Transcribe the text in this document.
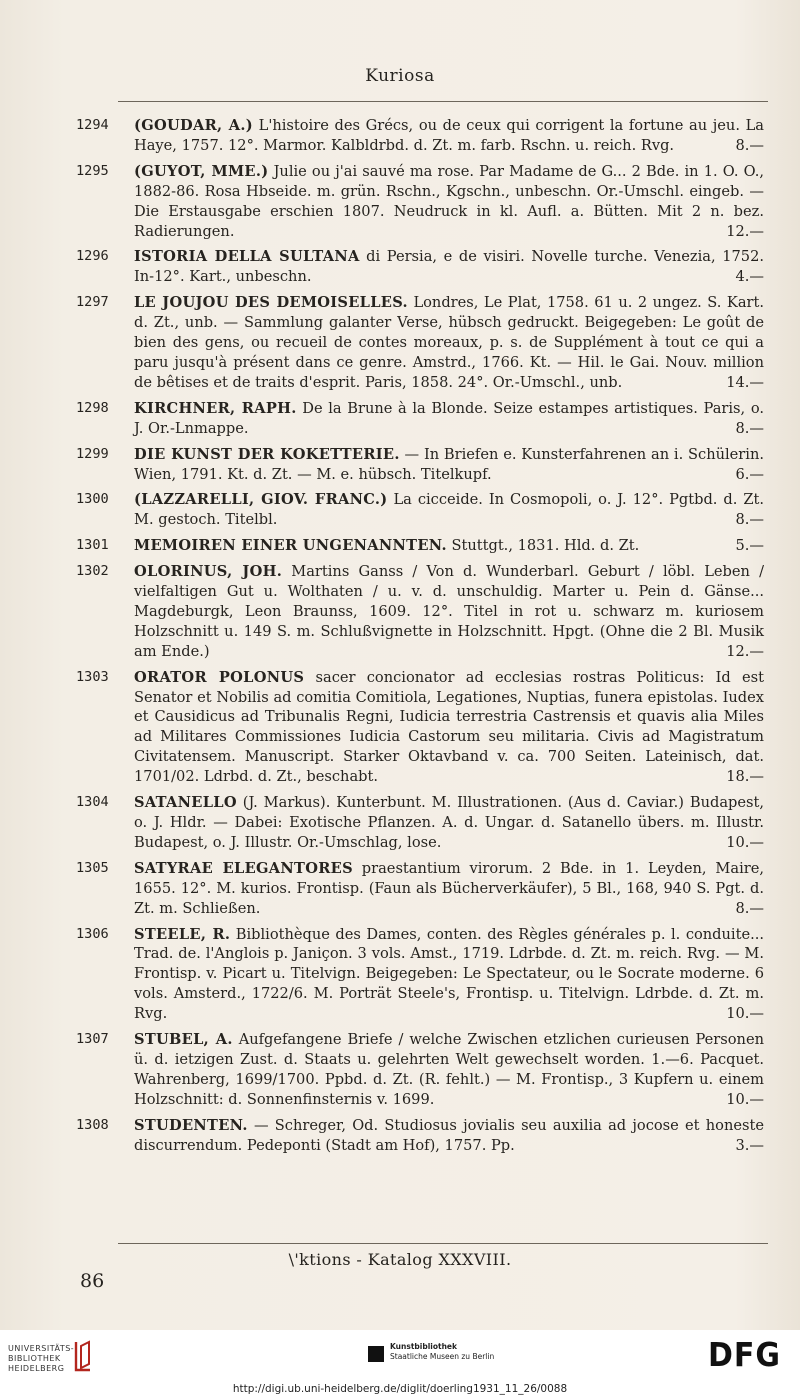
Kuriosa
1294 (GOUDAR, A.) L'histoire des Grécs, ou de ceux qui corrigent la fortune au jeu. La Haye, 1757. 12°. Marmor. Kalbldrbd. d. Zt. m. farb. Rschn. u. reich. Rvg.	8.—
1295 (GUYOT, MME.) Julie ou j'ai sauvé ma rose. Par Madame de G... 2 Bde. in 1. O. O., 1882-86. Rosa Hbseide. m. grün. Rschn., Kgschn., unbeschn. Or.-Umschl. eingeb. — Die Erstausgabe erschien 1807. Neudruck in kl. Aufl. a. Bütten. Mit 2 n. bez. Radierungen.	12.—
1296 ISTORIA DELLA SULTANA di Persia, e de visiri. Novelle turche. Venezia, 1752. In-12°. Kart., unbeschn.	4.—
1297 LE JOUJOU DES DEMOISELLES. Londres, Le Plat, 1758. 61 u. 2 ungez. S. Kart. d. Zt., unb. — Sammlung galanter Verse, hübsch gedruckt. Beigegeben: Le goût de bien des gens, ou recueil de contes moreaux, p. s. de Supplément à tout ce qui a paru jusqu'à présent dans ce genre. Amstrd., 1766. Kt. — Hil. le Gai. Nouv. million de bêtises et de traits d'esprit. Paris, 1858. 24°. Or.-Umschl., unb.	14.—
1298 KIRCHNER, RAPH. De la Brune à la Blonde. Seize estampes artistiques. Paris, o. J. Or.-Lnmappe.	8.—
1299 DIE KUNST DER KOKETTERIE. — In Briefen e. Kunsterfahrenen an i. Schülerin. Wien, 1791. Kt. d. Zt. — M. e. hübsch. Titelkupf.	6.—
1300 (LAZZARELLI, GIOV. FRANC.) La cicceide. In Cosmopoli, o. J. 12°. Pgtbd. d. Zt. M. gestoch. Titelbl.	8.—
1301 MEMOIREN EINER UNGENANNTEN. Stuttgt., 1831. Hld. d. Zt.	5.—
1302 OLORINUS, JOH. Martins Ganss / Von d. Wunderbarl. Geburt / löbl. Leben / vielfaltigen Gut u. Wolthaten / u. v. d. unschuldig. Marter u. Pein d. Gänse... Magdeburgk, Leon Braunss, 1609. 12°. Titel in rot u. schwarz m. kuriosem Holzschnitt u. 149 S. m. Schlußvignette in Holzschnitt. Hpgt. (Ohne die 2 Bl. Musik am Ende.)	12.—
1303 ORATOR POLONUS sacer concionator ad ecclesias rostras Politicus: Id est Senator et Nobilis ad comitia Comitiola, Legationes, Nuptias, funera epistolas. Iudex et Causidicus ad Tribunalis Regni, Iudicia terrestria Castrensis et quavis alia Miles ad Militares Commissiones Iudicia Castorum seu militaria. Civis ad Magistratum Civitatensem. Manuscript. Starker Oktavband v. ca. 700 Seiten. Lateinisch, dat. 1701/02. Ldrbd. d. Zt., beschabt.	18.—
1304 SATANELLO (J. Markus). Kunterbunt. M. Illustrationen. (Aus d. Caviar.) Budapest, o. J. Hldr. — Dabei: Exotische Pflanzen. A. d. Ungar. d. Satanello übers. m. Illustr. Budapest, o. J. Illustr. Or.-Umschlag, lose.	10.—
1305 SATYRAE ELEGANTORES praestantium virorum. 2 Bde. in 1. Leyden, Maire, 1655. 12°. M. kurios. Frontisp. (Faun als Bücherverkäufer), 5 Bl., 168, 940 S. Pgt. d. Zt. m. Schließen.	8.—
1306 STEELE, R. Bibliothèque des Dames, conten. des Règles générales p. l. conduite... Trad. de. l'Anglois p. Janiçon. 3 vols. Amst., 1719. Ldrbde. d. Zt. m. reich. Rvg. — M. Frontisp. v. Picart u. Titelvign. Beigegeben: Le Spectateur, ou le Socrate moderne. 6 vols. Amsterd., 1722/6. M. Porträt Steele's, Frontisp. u. Titelvign. Ldrbde. d. Zt. m. Rvg.	10.—
1307 STUBEL, A. Aufgefangene Briefe / welche Zwischen etzlichen curieusen Personen ü. d. ietzigen Zust. d. Staats u. gelehrten Welt gewechselt worden. 1.—6. Pacquet. Wahrenberg, 1699/1700. Ppbd. d. Zt. (R. fehlt.) — M. Frontisp., 3 Kupfern u. einem Holzschnitt: d. Sonnenfinsternis v. 1699.	10.—
1308 STUDENTEN. — Schreger, Od. Studiosus jovialis seu auxilia ad jocose et honeste discurrendum. Pedeponti (Stadt am Hof), 1757. Pp.	3.—
\'ktions - Katalog XXXVIII.
86
UNIVERSITÄTS-
BIBLIOTHEK
HEIDELBERG
Kunstbibliothek
Staatliche Museen zu Berlin	DFG
http://digi.ub.uni-heidelberg.de/diglit/doerling1931_11_26/0088
